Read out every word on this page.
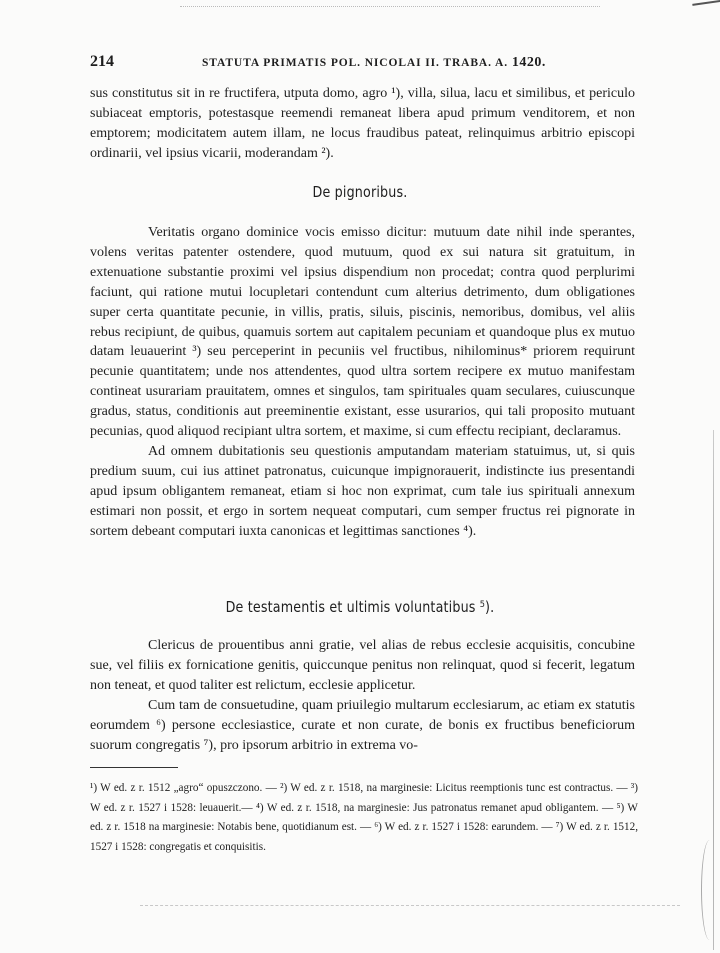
214	STATUTA PRIMATIS POL. NICOLAI II. TRABA. A. 1420.

sus constitutus sit in re fructifera, utputa domo, agro ¹), villa, silua, lacu et similibus, et periculo subiaceat emptoris, potestasque reemendi remaneat libera apud primum venditorem, et non emptorem; modicitatem autem illam, ne locus fraudibus pateat, relinquimus arbitrio episcopi ordinarii, vel ipsius vicarii, moderandam ²).

De pignoribus.

Veritatis organo dominice vocis emisso dicitur: mutuum date nihil inde sperantes, volens veritas patenter ostendere, quod mutuum, quod ex sui natura sit gratuitum, in extenuatione substantie proximi vel ipsius dispendium non procedat; contra quod perplurimi faciunt, qui ratione mutui locupletari contendunt cum alterius detrimento, dum obligationes super certa quantitate pecunie, in villis, pratis, siluis, piscinis, nemoribus, domibus, vel aliis rebus recipiunt, de quibus, quamuis sortem aut capitalem pecuniam et quandoque plus ex mutuo datam leuauerint ³) seu perceperint in pecuniis vel fructibus, nihilominus* priorem requirunt pecunie quantitatem; unde nos attendentes, quod ultra sortem recipere ex mutuo manifestam contineat usurariam prauitatem, omnes et singulos, tam spirituales quam seculares, cuiuscunque gradus, status, conditionis aut preeminentie existant, esse usurarios, qui tali proposito mutuant pecunias, quod aliquod recipiant ultra sortem, et maxime, si cum effectu recipiant, declaramus.

Ad omnem dubitationis seu questionis amputandam materiam statuimus, ut, si quis predium suum, cui ius attinet patronatus, cuicunque impignorauerit, indistincte ius presentandi apud ipsum obligantem remaneat, etiam si hoc non exprimat, cum tale ius spirituali annexum estimari non possit, et ergo in sortem nequeat computari, cum semper fructus rei pignorate in sortem debeant computari iuxta canonicas et legittimas sanctiones ⁴).

De testamentis et ultimis voluntatibus ⁵).

Clericus de prouentibus anni gratie, vel alias de rebus ecclesie acquisitis, concubine sue, vel filiis ex fornicatione genitis, quiccunque penitus non relinquat, quod si fecerit, legatum non teneat, et quod taliter est relictum, ecclesie applicetur.

Cum tam de consuetudine, quam priuilegio multarum ecclesiarum, ac etiam ex statutis eorumdem ⁶) persone ecclesiastice, curate et non curate, de bonis ex fructibus beneficiorum suorum congregatis ⁷), pro ipsorum arbitrio in extrema vo-

¹) W ed. z r. 1512 „agro“ opuszczono. — ²) W ed. z r. 1518, na marginesie: Licitus reemptionis tunc est contractus. — ³) W ed. z r. 1527 i 1528: leuauerit.— ⁴) W ed. z r. 1518, na marginesie: Jus patronatus remanet apud obligantem. — ⁵) W ed. z r. 1518 na marginesie: Notabis bene, quotidianum est. — ⁶) W ed. z r. 1527 i 1528: earundem. — ⁷) W ed. z r. 1512, 1527 i 1528: congregatis et conquisitis.
